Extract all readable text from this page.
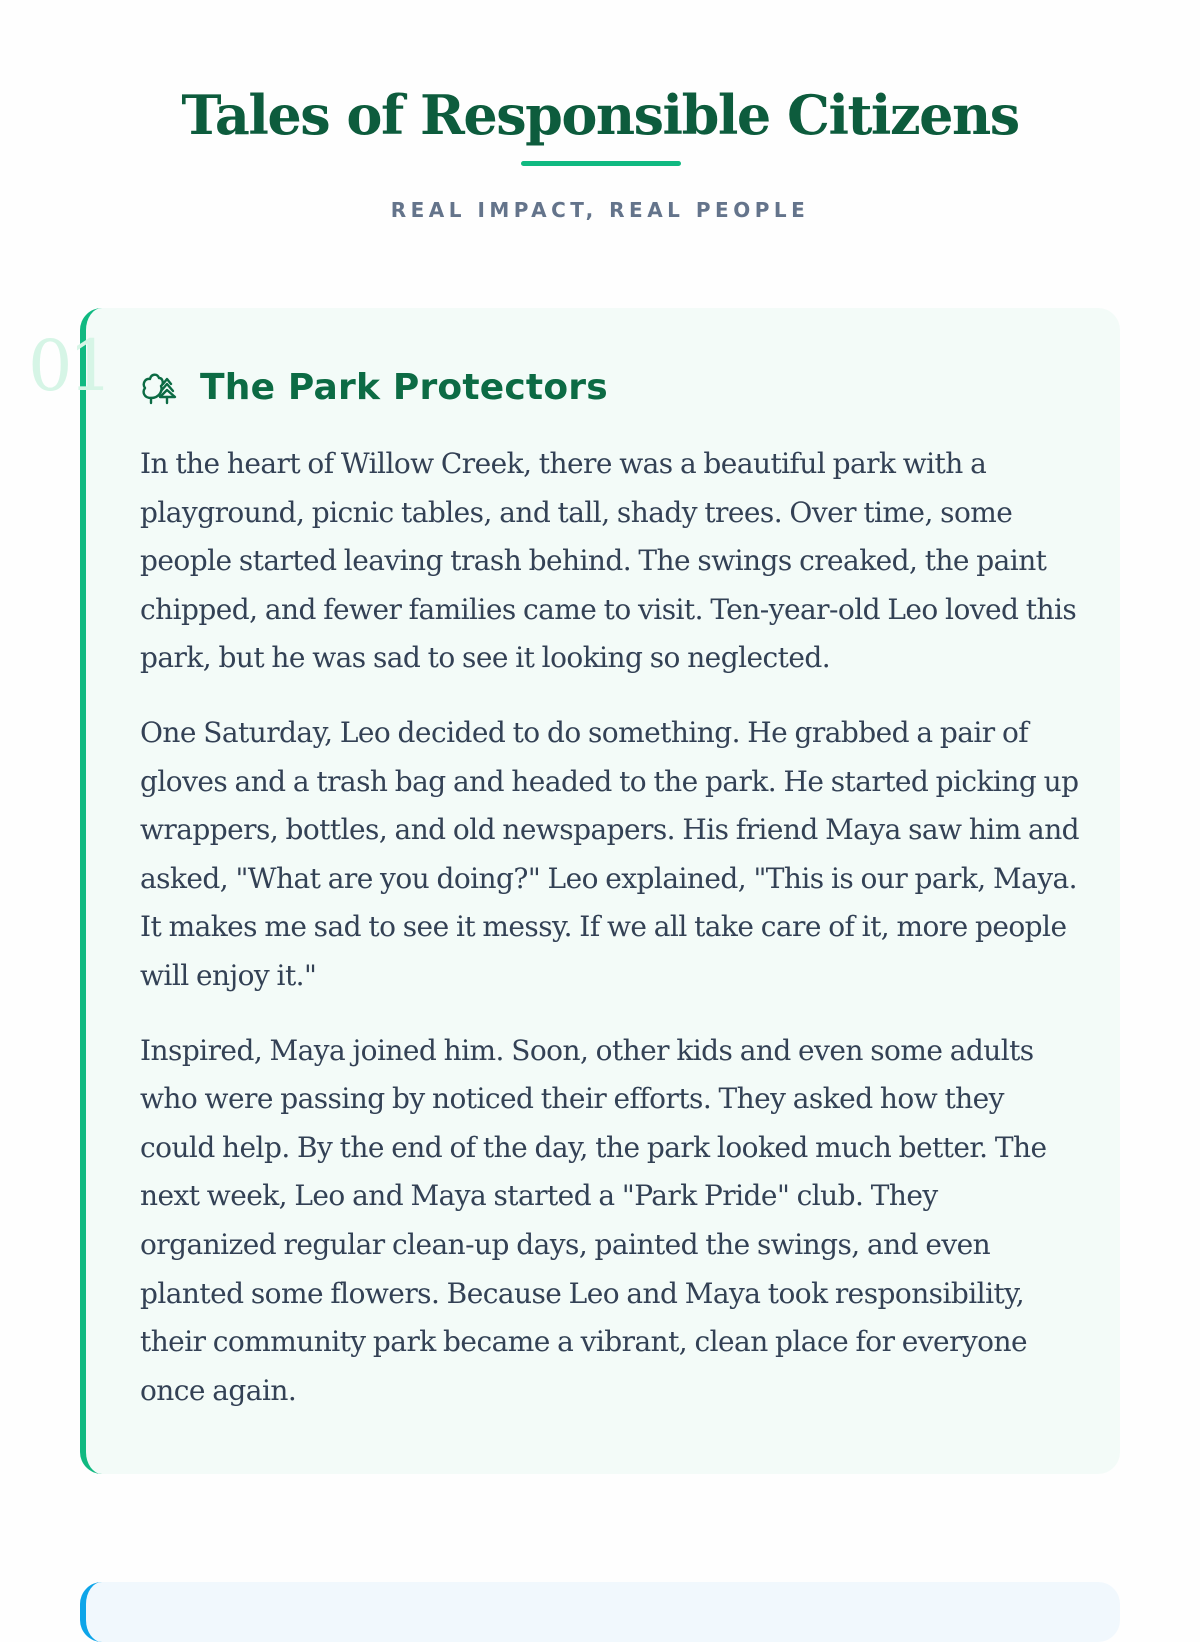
Tales of Responsible Citizens
REAL IMPACT, REAL PEOPLE
01	The Park Protectors

In the heart of Willow Creek, there was a beautiful park with a playground, picnic tables, and tall, shady trees. Over time, some people started leaving trash behind. The swings creaked, the paint chipped, and fewer families came to visit. Ten-year-old Leo loved this park, but he was sad to see it looking so neglected.

One Saturday, Leo decided to do something. He grabbed a pair of gloves and a trash bag and headed to the park. He started picking up wrappers, bottles, and old newspapers. His friend Maya saw him and asked, "What are you doing?" Leo explained, "This is our park, Maya. It makes me sad to see it messy. If we all take care of it, more people will enjoy it."

Inspired, Maya joined him. Soon, other kids and even some adults who were passing by noticed their efforts. They asked how they could help. By the end of the day, the park looked much better. The next week, Leo and Maya started a "Park Pride" club. They organized regular clean-up days, painted the swings, and even planted some flowers. Because Leo and Maya took responsibility, their community park became a vibrant, clean place for everyone once again.
